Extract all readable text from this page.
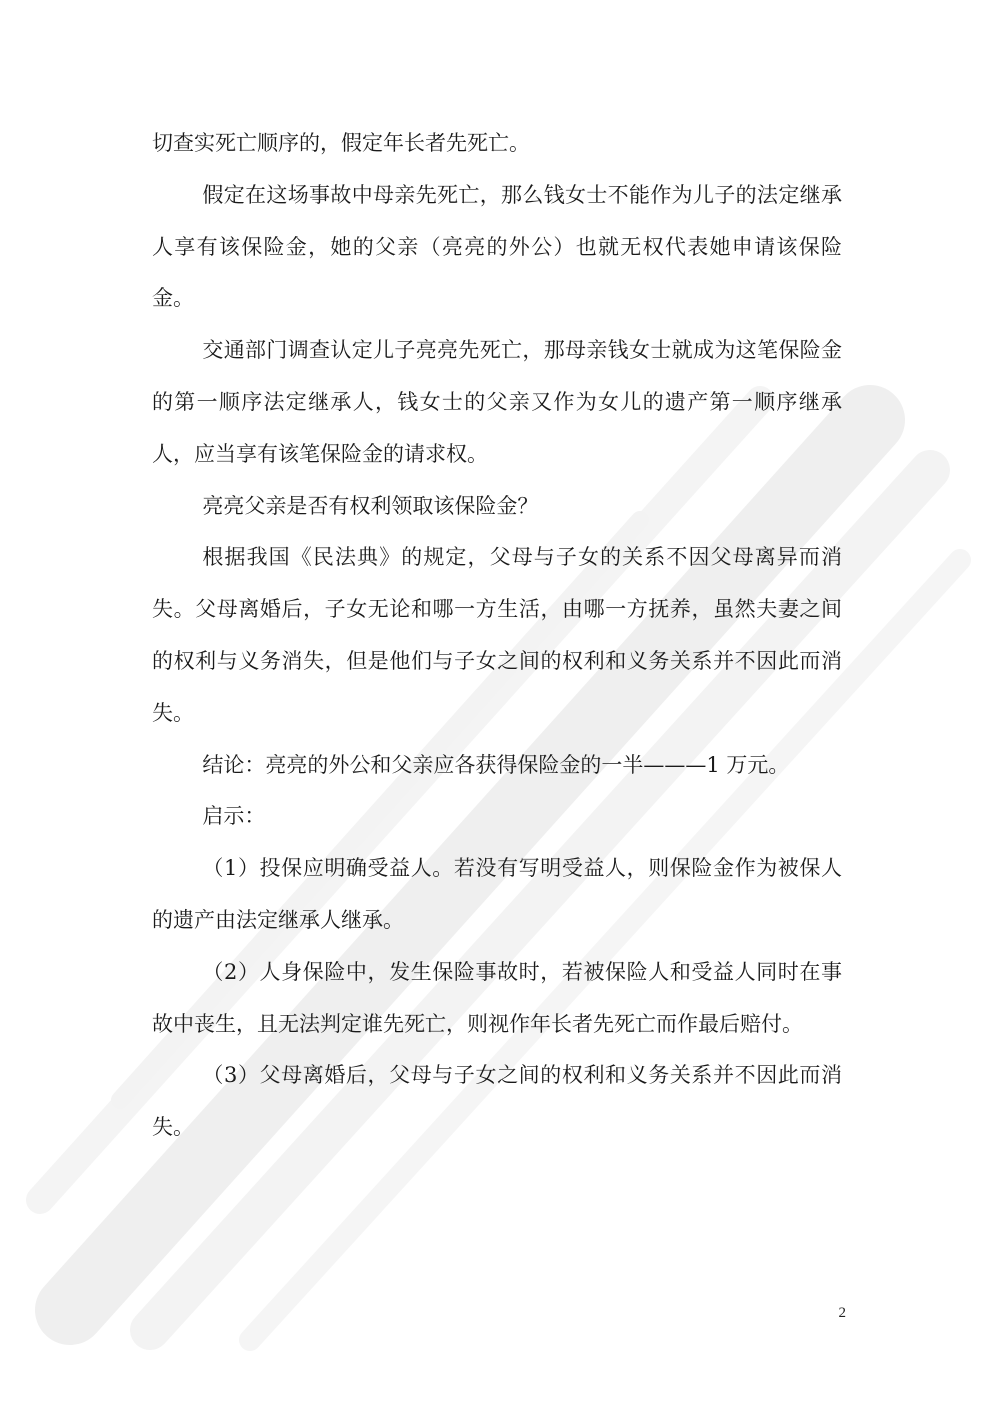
切查实死亡顺序的，假定年长者先死亡。

假定在这场事故中母亲先死亡，那么钱女士不能作为儿子的法定继承人享有该保险金，她的父亲（亮亮的外公）也就无权代表她申请该保险金。

交通部门调查认定儿子亮亮先死亡，那母亲钱女士就成为这笔保险金的第一顺序法定继承人，钱女士的父亲又作为女儿的遗产第一顺序继承人，应当享有该笔保险金的请求权。

亮亮父亲是否有权利领取该保险金？

根据我国《民法典》的规定，父母与子女的关系不因父母离异而消失。父母离婚后，子女无论和哪一方生活，由哪一方抚养，虽然夫妻之间的权利与义务消失，但是他们与子女之间的权利和义务关系并不因此而消失。

结论：亮亮的外公和父亲应各获得保险金的一半———1 万元。

启示：

（1）投保应明确受益人。若没有写明受益人，则保险金作为被保人的遗产由法定继承人继承。

（2）人身保险中，发生保险事故时，若被保险人和受益人同时在事故中丧生，且无法判定谁先死亡，则视作年长者先死亡而作最后赔付。

（3）父母离婚后，父母与子女之间的权利和义务关系并不因此而消失。

2
